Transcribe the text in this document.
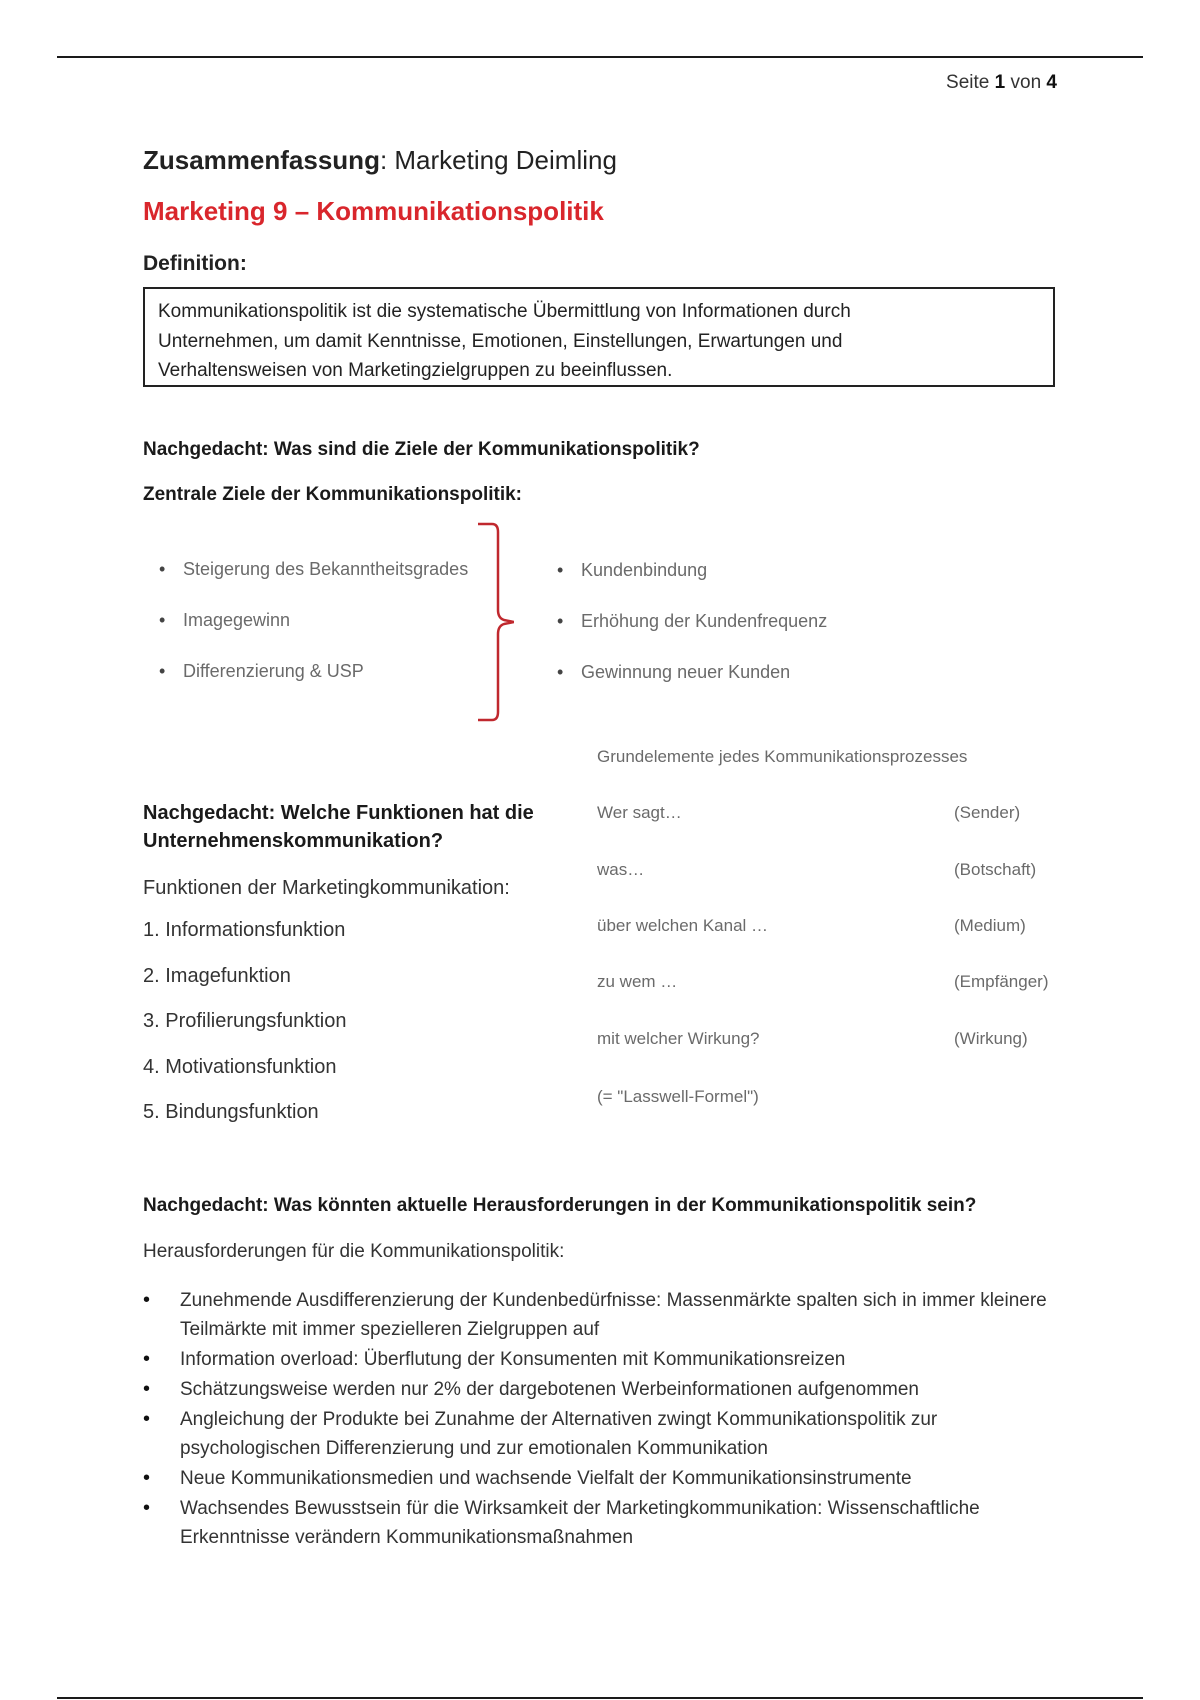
Seite 1 von 4
Zusammenfassung: Marketing Deimling
Marketing 9 – Kommunikationspolitik
Definition:
Kommunikationspolitik ist die systematische Übermittlung von Informationen durch
Unternehmen, um damit Kenntnisse, Emotionen, Einstellungen, Erwartungen und
Verhaltensweisen von Marketingzielgruppen zu beeinflussen.
Nachgedacht: Was sind die Ziele der Kommunikationspolitik?
Zentrale Ziele der Kommunikationspolitik:
• Steigerung des Bekanntheitsgrades
• Imagegewinn
• Differenzierung & USP
• Kundenbindung
• Erhöhung der Kundenfrequenz
• Gewinnung neuer Kunden
Grundelemente jedes Kommunikationsprozesses
Wer sagt…	(Sender)
was…	(Botschaft)
über welchen Kanal …	(Medium)
zu wem …	(Empfänger)
mit welcher Wirkung?	(Wirkung)
(= "Lasswell-Formel")
Nachgedacht: Welche Funktionen hat die Unternehmenskommunikation?
Funktionen der Marketingkommunikation:
1. Informationsfunktion
2. Imagefunktion
3. Profilierungsfunktion
4. Motivationsfunktion
5. Bindungsfunktion
Nachgedacht: Was könnten aktuelle Herausforderungen in der Kommunikationspolitik sein?
Herausforderungen für die Kommunikationspolitik:
• Zunehmende Ausdifferenzierung der Kundenbedürfnisse: Massenmärkte spalten sich in immer kleinere Teilmärkte mit immer spezielleren Zielgruppen auf
• Information overload: Überflutung der Konsumenten mit Kommunikationsreizen
• Schätzungsweise werden nur 2% der dargebotenen Werbeinformationen aufgenommen
• Angleichung der Produkte bei Zunahme der Alternativen zwingt Kommunikationspolitik zur psychologischen Differenzierung und zur emotionalen Kommunikation
• Neue Kommunikationsmedien und wachsende Vielfalt der Kommunikationsinstrumente
• Wachsendes Bewusstsein für die Wirksamkeit der Marketingkommunikation: Wissenschaftliche Erkenntnisse verändern Kommunikationsmaßnahmen
